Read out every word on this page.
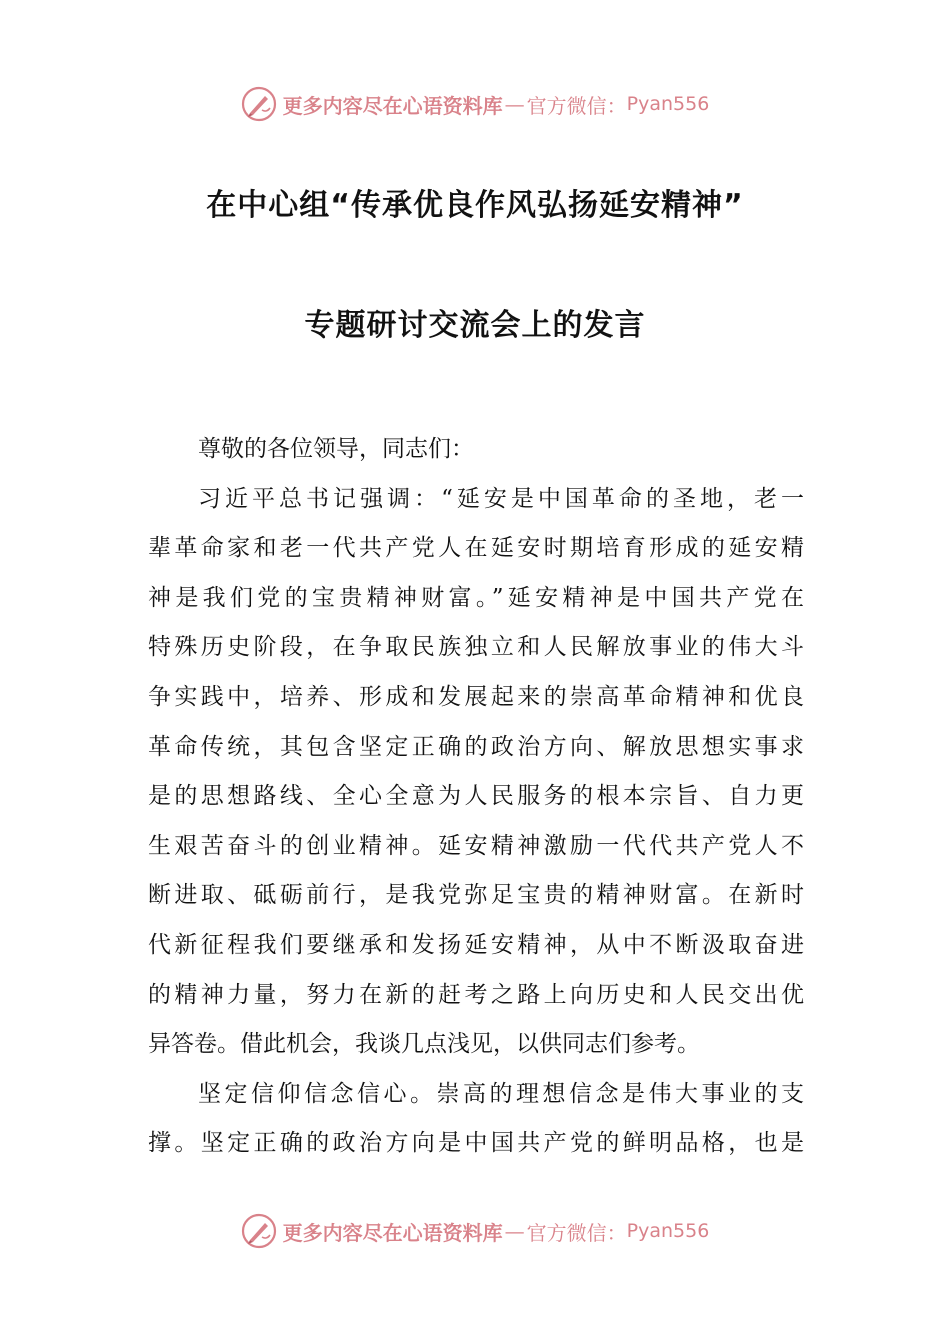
更多内容尽在心语资料库 — 官方微信： Pyan556
在中心组“传承优良作风弘扬延安精神”
专题研讨交流会上的发言
尊敬的各位领导，同志们：
习近平总书记强调：“延安是中国革命的圣地，老一
辈革命家和老一代共产党人在延安时期培育形成的延安精
神是我们党的宝贵精神财富。”延安精神是中国共产党在
特殊历史阶段，在争取民族独立和人民解放事业的伟大斗
争实践中，培养、形成和发展起来的崇高革命精神和优良
革命传统，其包含坚定正确的政治方向、解放思想实事求
是的思想路线、全心全意为人民服务的根本宗旨、自力更
生艰苦奋斗的创业精神。延安精神激励一代代共产党人不
断进取、砥砺前行，是我党弥足宝贵的精神财富。在新时
代新征程我们要继承和发扬延安精神，从中不断汲取奋进
的精神力量，努力在新的赶考之路上向历史和人民交出优
异答卷。借此机会，我谈几点浅见，以供同志们参考。
坚定信仰信念信心。崇高的理想信念是伟大事业的支
撑。坚定正确的政治方向是中国共产党的鲜明品格，也是
更多内容尽在心语资料库 — 官方微信： Pyan556
